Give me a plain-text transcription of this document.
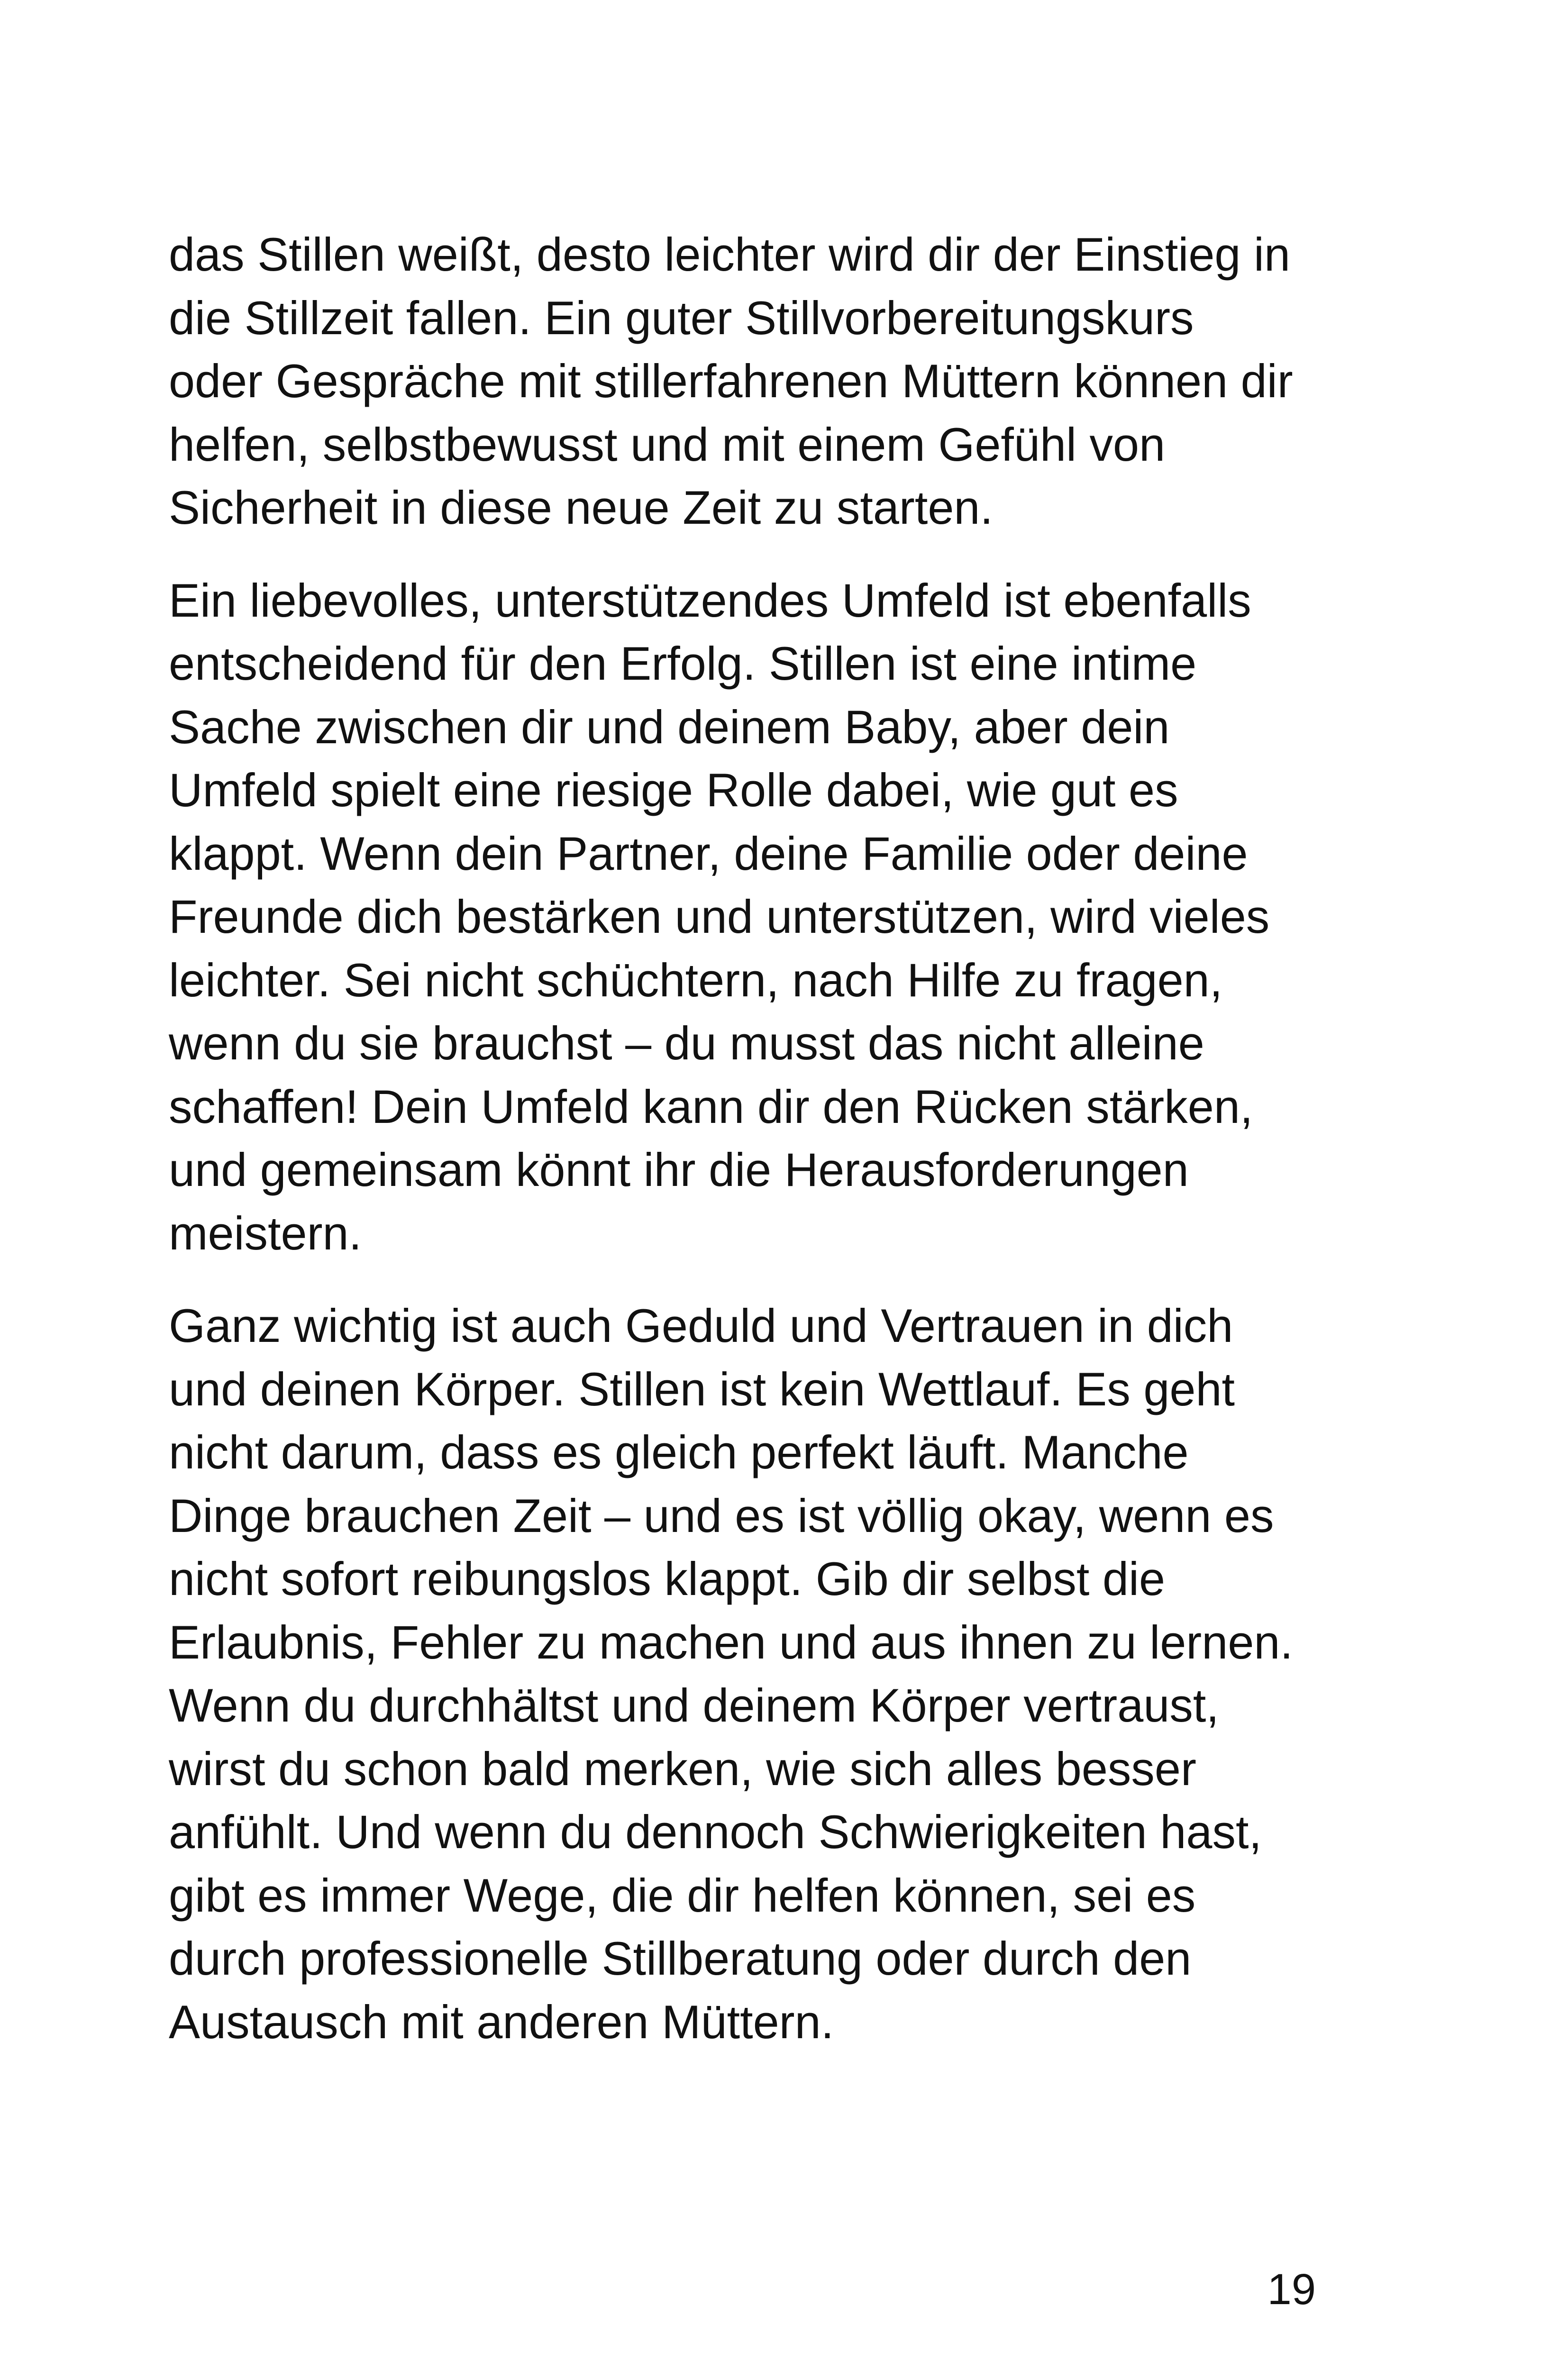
das Stillen weißt, desto leichter wird dir der Einstieg in
die Stillzeit fallen. Ein guter Stillvorbereitungskurs
oder Gespräche mit stillerfahrenen Müttern können dir
helfen, selbstbewusst und mit einem Gefühl von
Sicherheit in diese neue Zeit zu starten.

Ein liebevolles, unterstützendes Umfeld ist ebenfalls
entscheidend für den Erfolg. Stillen ist eine intime
Sache zwischen dir und deinem Baby, aber dein
Umfeld spielt eine riesige Rolle dabei, wie gut es
klappt. Wenn dein Partner, deine Familie oder deine
Freunde dich bestärken und unterstützen, wird vieles
leichter. Sei nicht schüchtern, nach Hilfe zu fragen,
wenn du sie brauchst – du musst das nicht alleine
schaffen! Dein Umfeld kann dir den Rücken stärken,
und gemeinsam könnt ihr die Herausforderungen
meistern.

Ganz wichtig ist auch Geduld und Vertrauen in dich
und deinen Körper. Stillen ist kein Wettlauf. Es geht
nicht darum, dass es gleich perfekt läuft. Manche
Dinge brauchen Zeit – und es ist völlig okay, wenn es
nicht sofort reibungslos klappt. Gib dir selbst die
Erlaubnis, Fehler zu machen und aus ihnen zu lernen.
Wenn du durchhältst und deinem Körper vertraust,
wirst du schon bald merken, wie sich alles besser
anfühlt. Und wenn du dennoch Schwierigkeiten hast,
gibt es immer Wege, die dir helfen können, sei es
durch professionelle Stillberatung oder durch den
Austausch mit anderen Müttern.

19
